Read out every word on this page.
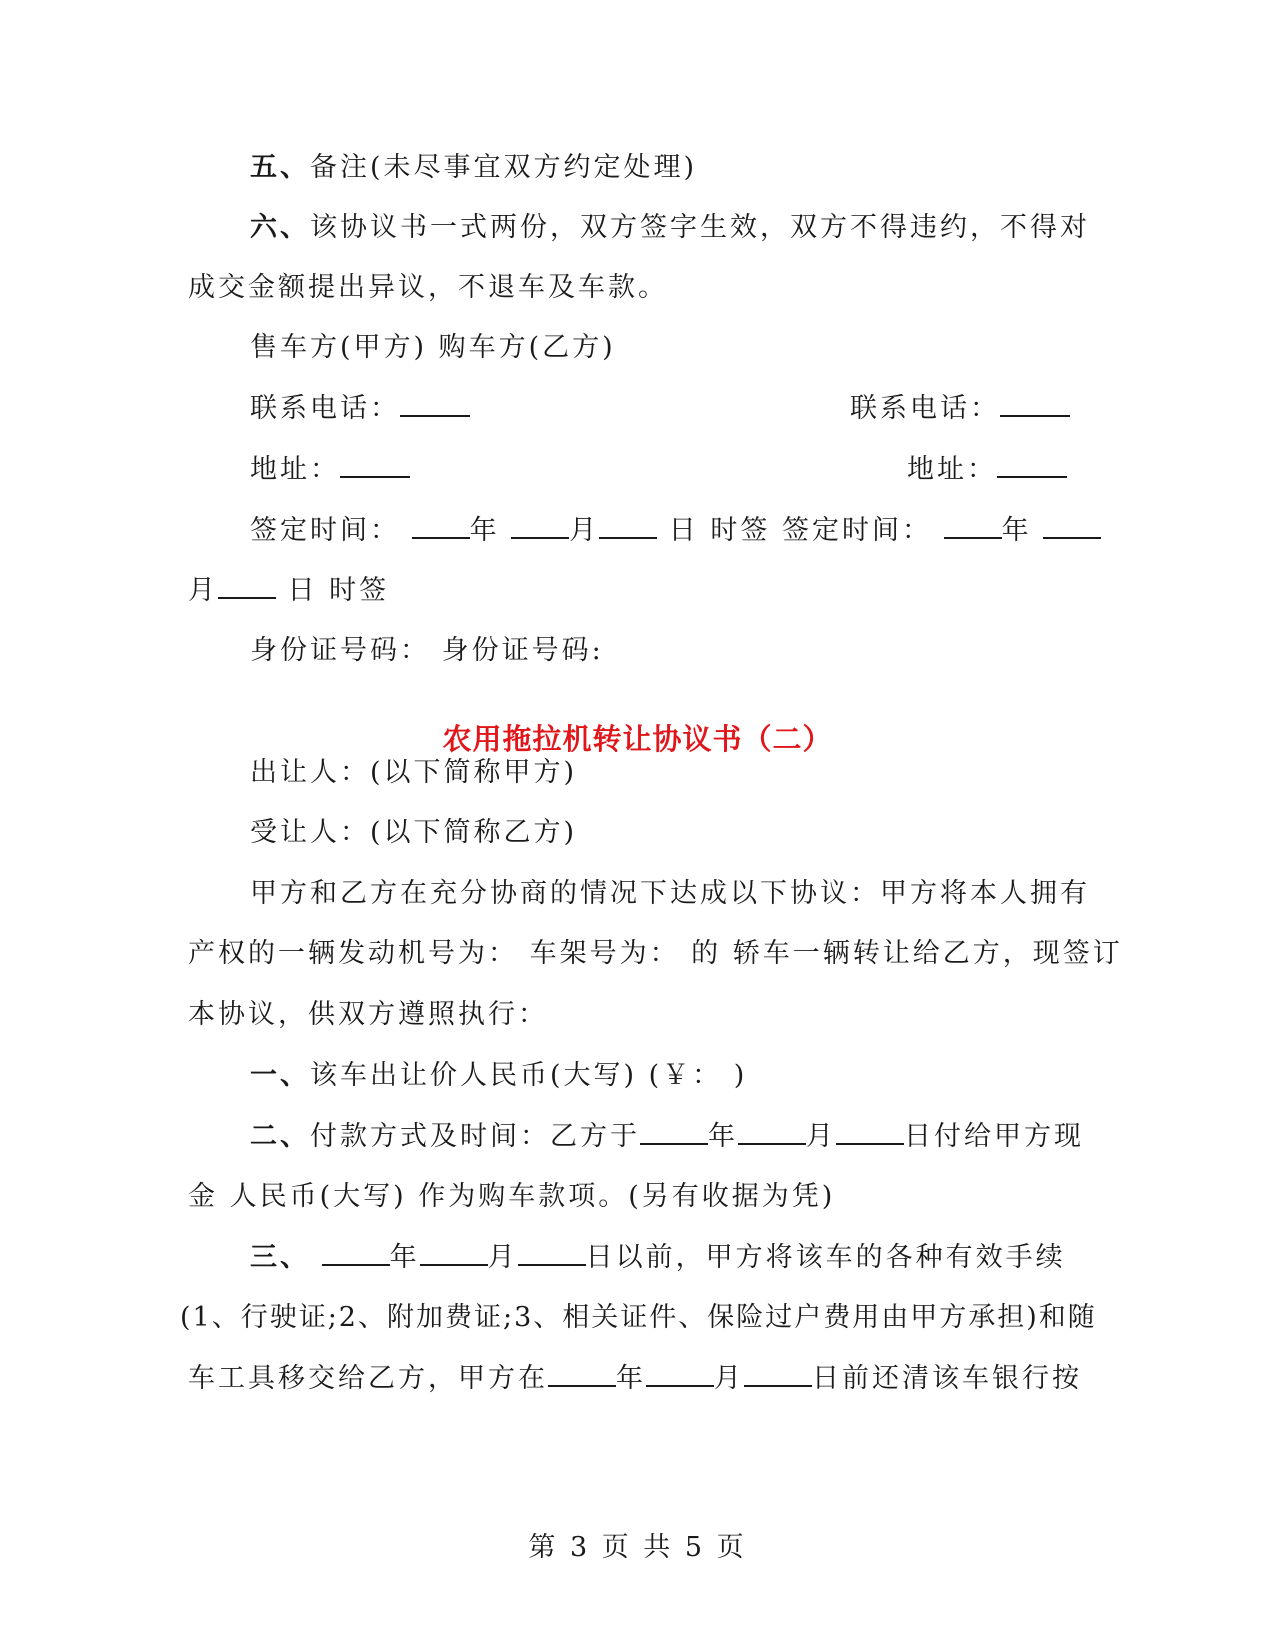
五、备注(未尽事宜双方约定处理)
六、该协议书一式两份，双方签字生效，双方不得违约，不得对
成交金额提出异议，不退车及车款。
售车方(甲方) 购车方(乙方)
联系电话：	联系电话：
地址：	地址：
签定时间：	年	月	日 时签 签定时间：	年
月	日 时签
身份证号码： 身份证号码:
农用拖拉机转让协议书（二）
出让人：(以下简称甲方)
受让人：(以下简称乙方)
甲方和乙方在充分协商的情况下达成以下协议：甲方将本人拥有
产权的一辆发动机号为： 车架号为： 的 轿车一辆转让给乙方，现签订
本协议，供双方遵照执行：
一、该车出让价人民币(大写) (￥： )
二、付款方式及时间：乙方于	年	月	日付给甲方现
金 人民币(大写) 作为购车款项。(另有收据为凭)
三、	年	月	日以前，甲方将该车的各种有效手续
(1、行驶证;2、附加费证;3、相关证件、保险过户费用由甲方承担)和随
车工具移交给乙方，甲方在	年	月	日前还清该车银行按
第 3 页 共 5 页
